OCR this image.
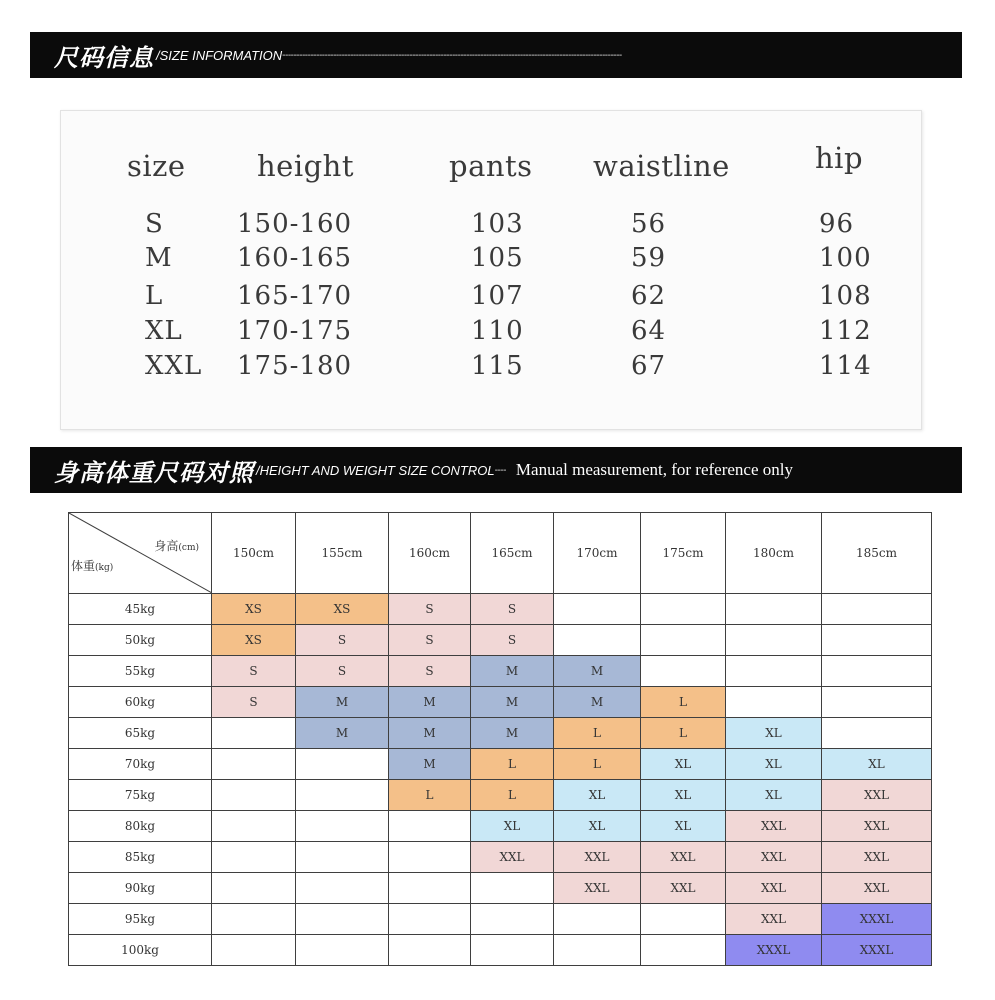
尺码信息 /SIZE INFORMATION ------------------------------------------------------------------------------------------------------------------------
size height	pants waistline	hip
S	150-160	103	56	96
M 160-165	105	59	100
L	165-170	107	62	108
XL 170-175	110	64	112
XXL 175-180	115	67	114
身高体重尺码对照 /HEIGHT AND WEIGHT SIZE CONTROL ---- Manual measurement, for reference only
身高(cm)
体重(kg)	150cm	155cm	160cm	165cm	170cm	175cm	180cm	185cm
45kg	XS	XS	S	S				
50kg	XS	S	S	S				
55kg	S	S	S	M	M			
60kg	S	M	M	M	M	L		
65kg		M	M	M	L	L	XL	
70kg			M	L	L	XL	XL	XL
75kg			L	L	XL	XL	XL	XXL
80kg				XL	XL	XL	XXL	XXL
85kg				XXL	XXL	XXL	XXL	XXL
90kg					XXL	XXL	XXL	XXL
95kg							XXL	XXXL
100kg							XXXL	XXXL
